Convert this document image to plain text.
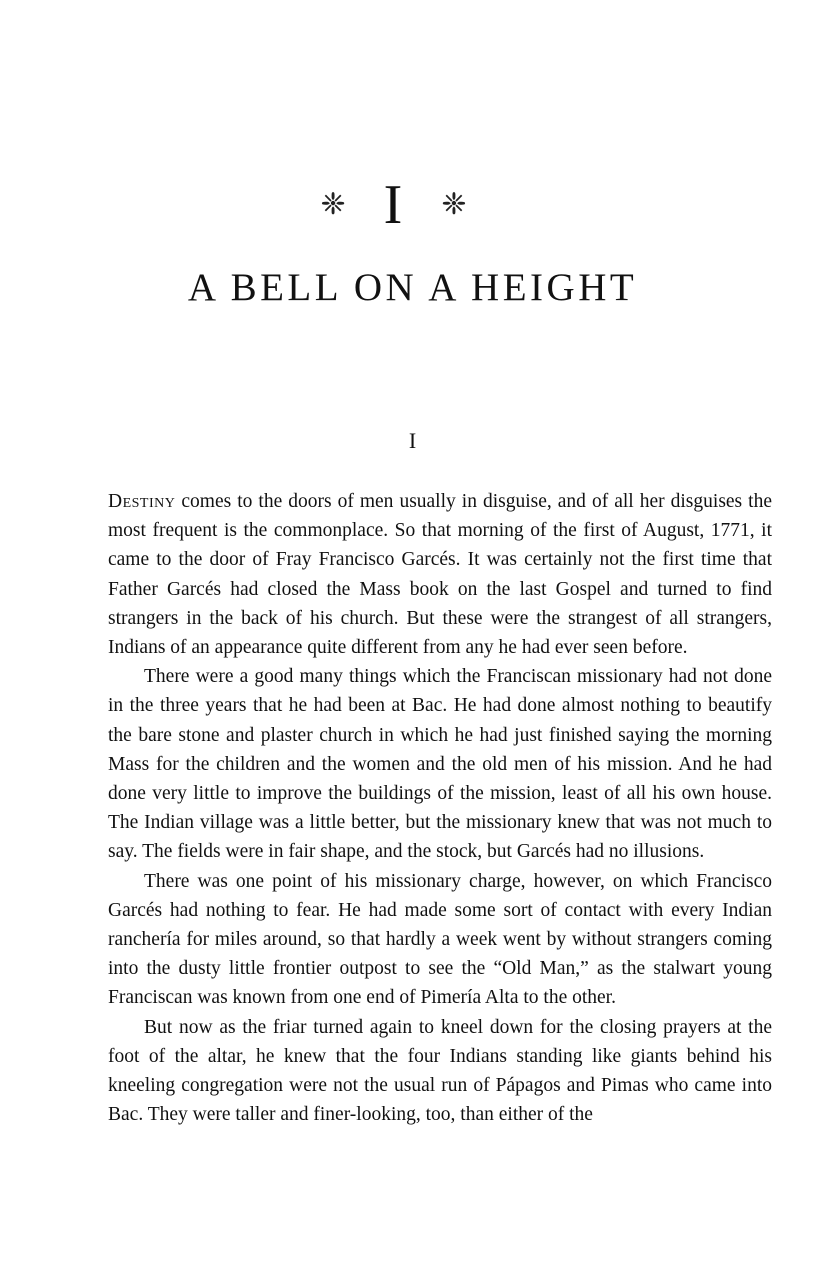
❈ I ❈
A BELL ON A HEIGHT
I

Destiny comes to the doors of men usually in disguise, and of all her disguises the most frequent is the commonplace. So that morning of the first of August, 1771, it came to the door of Fray Francisco Garcés. It was certainly not the first time that Father Garcés had closed the Mass book on the last Gospel and turned to find strangers in the back of his church. But these were the strangest of all strangers, Indians of an appearance quite different from any he had ever seen before.

There were a good many things which the Franciscan missionary had not done in the three years that he had been at Bac. He had done almost nothing to beautify the bare stone and plaster church in which he had just finished saying the morning Mass for the children and the women and the old men of his mission. And he had done very little to improve the buildings of the mission, least of all his own house. The Indian village was a little better, but the missionary knew that was not much to say. The fields were in fair shape, and the stock, but Garcés had no illusions.

There was one point of his missionary charge, however, on which Francisco Garcés had nothing to fear. He had made some sort of contact with every Indian ranchería for miles around, so that hardly a week went by without strangers coming into the dusty little frontier outpost to see the “Old Man,” as the stalwart young Franciscan was known from one end of Pimería Alta to the other.

But now as the friar turned again to kneel down for the closing prayers at the foot of the altar, he knew that the four Indians standing like giants behind his kneeling congregation were not the usual run of Pápagos and Pimas who came into Bac. They were taller and finer-looking, too, than either of the
